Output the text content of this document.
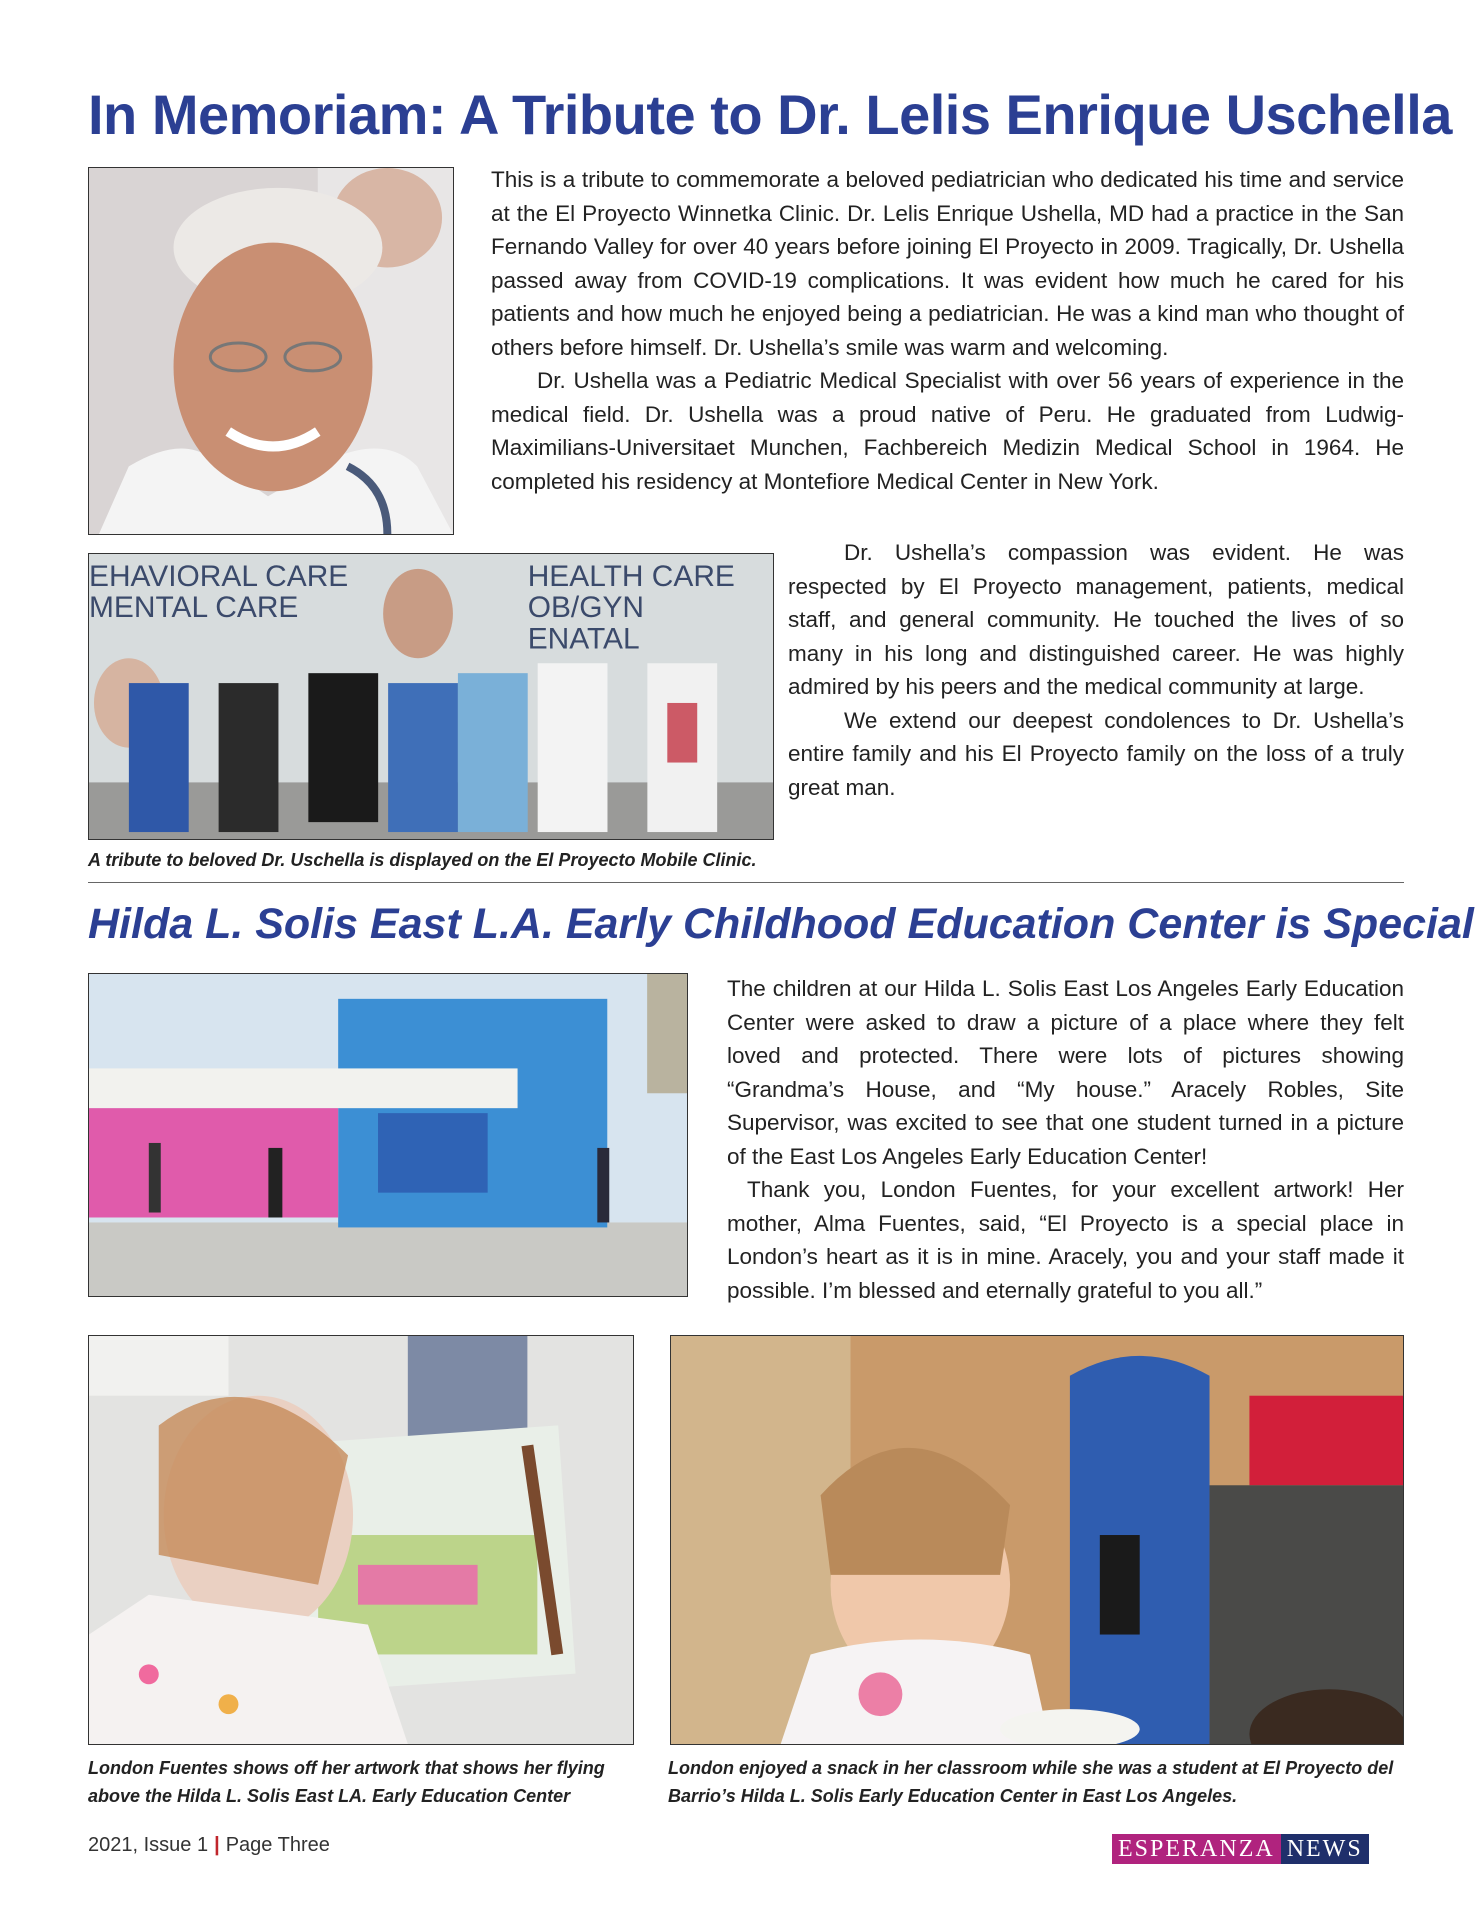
In Memoriam: A Tribute to Dr. Lelis Enrique Uschella

This is a tribute to commemorate a beloved pediatrician who dedicated his time and service at the El Proyecto Winnetka Clinic. Dr. Lelis Enrique Ushella, MD had a practice in the San Fernando Valley for over 40 years before joining El Proyecto in 2009. Tragically, Dr. Ushella passed away from COVID-19 complications. It was evident how much he cared for his patients and how much he enjoyed being a pediatrician. He was a kind man who thought of others before himself. Dr. Ushella’s smile was warm and welcoming.

Dr. Ushella was a Pediatric Medical Specialist with over 56 years of experience in the medical field. Dr. Ushella was a proud native of Peru. He graduated from Ludwig-Maximilians-Universitaet Munchen, Fachbereich Medizin Medical School in 1964. He completed his residency at Montefiore Medical Center in New York.

EHAVIORAL CARE MENTAL CARE
HEALTH CARE OB/GYN ENATAL

Dr. Ushella’s compassion was evident. He was respected by El Proyecto management, patients, medical staff, and general community. He touched the lives of so many in his long and distinguished career. He was highly admired by his peers and the medical community at large.

We extend our deepest condolences to Dr. Ushella’s entire family and his El Proyecto family on the loss of a truly great man.

A tribute to beloved Dr. Uschella is displayed on the El Proyecto Mobile Clinic.
Hilda L. Solis East L.A. Early Childhood Education Center is Special

The children at our Hilda L. Solis East Los Angeles Early Education Center were asked to draw a picture of a place where they felt loved and protected. There were lots of pictures showing “Grandma’s House, and “My house.” Aracely Robles, Site Supervisor, was excited to see that one student turned in a picture of the East Los Angeles Early Education Center!

Thank you, London Fuentes, for your excellent artwork! Her mother, Alma Fuentes, said, “El Proyecto is a special place in London’s heart as it is in mine. Aracely, you and your staff made it possible. I’m blessed and eternally grateful to you all.”

London Fuentes shows off her artwork that shows her flying above the Hilda L. Solis East LA. Early Education Center
London enjoyed a snack in her classroom while she was a student at El Proyecto del Barrio’s Hilda L. Solis Early Education Center in East Los Angeles.
2021, Issue 1 | Page Three	ESPERANZA NEWS
